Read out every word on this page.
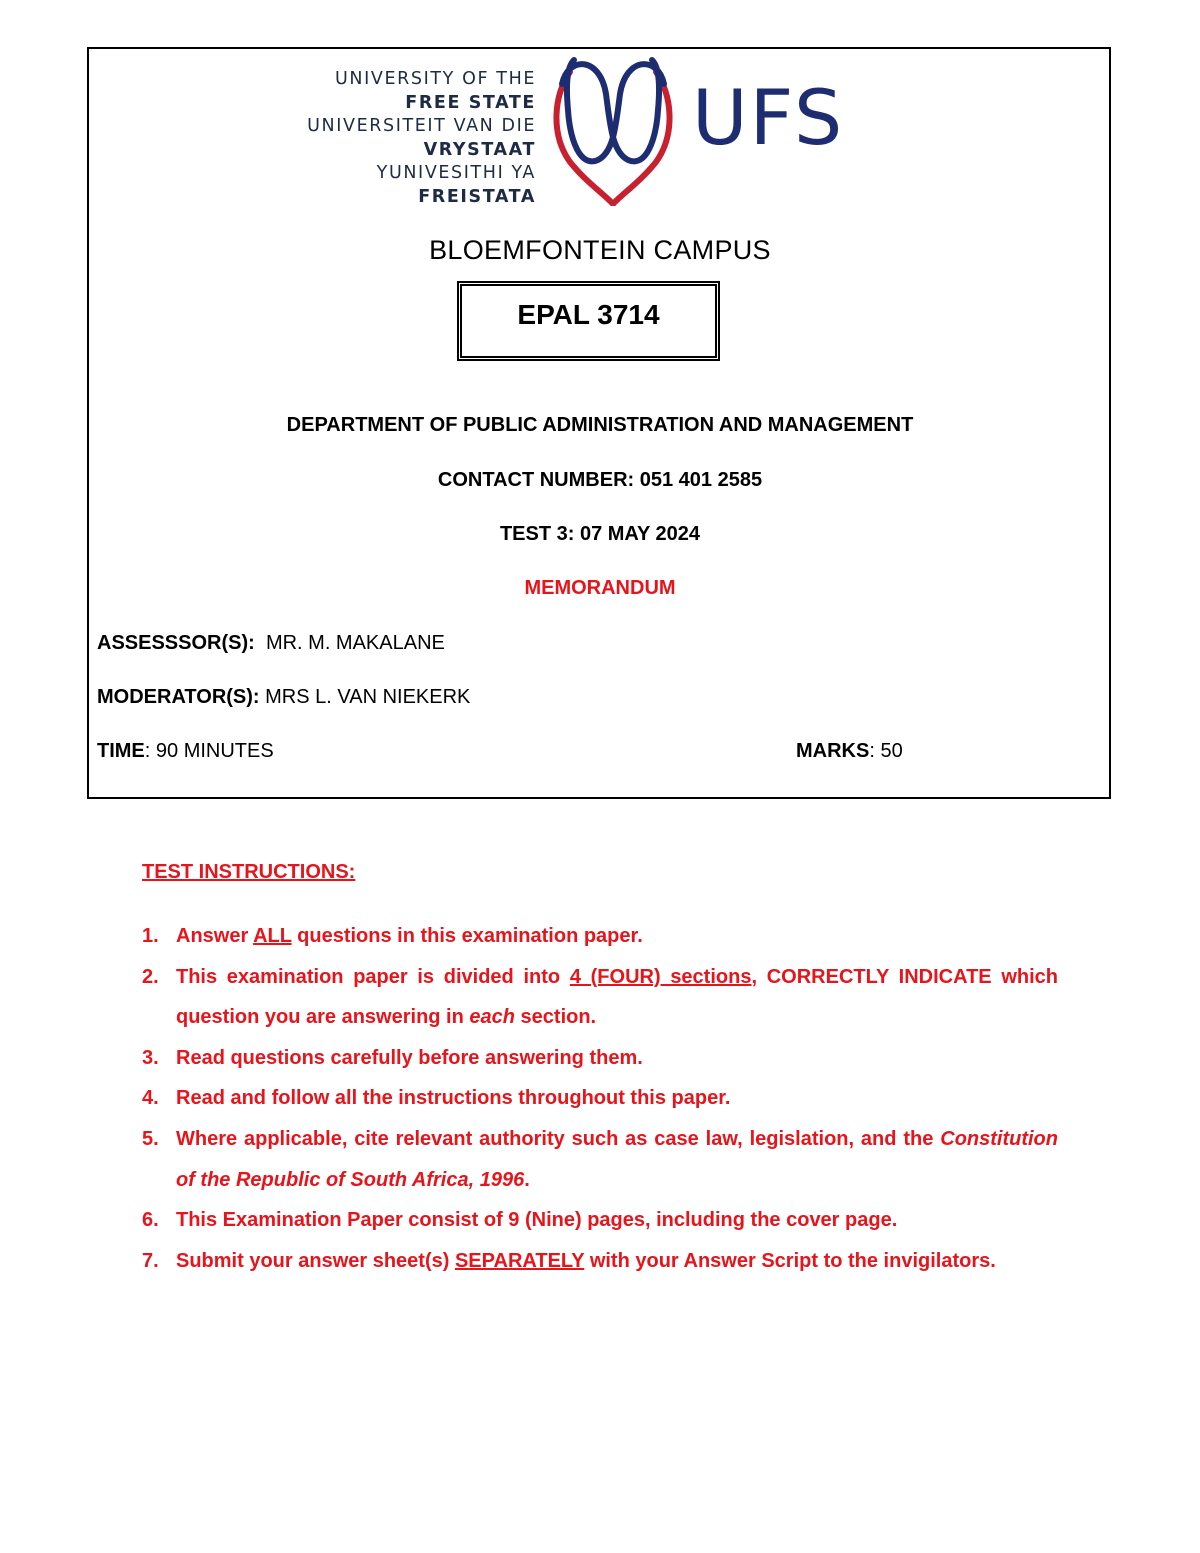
UNIVERSITY OF THE
FREE STATE
UNIVERSITEIT VAN DIE
VRYSTAAT
YUNIVESITHI YA
FREISTATA
UFS
BLOEMFONTEIN CAMPUS
EPAL 3714
DEPARTMENT OF PUBLIC ADMINISTRATION AND MANAGEMENT
CONTACT NUMBER: 051 401 2585
TEST 3: 07 MAY 2024
MEMORANDUM
ASSESSSOR(S): MR. M. MAKALANE
MODERATOR(S): MRS L. VAN NIEKERK
TIME: 90 MINUTES	MARKS: 50
TEST INSTRUCTIONS:
1. Answer ALL questions in this examination paper.
2. This examination paper is divided into 4 (FOUR) sections, CORRECTLY INDICATE which question you are answering in each section.
3. Read questions carefully before answering them.
4. Read and follow all the instructions throughout this paper.
5. Where applicable, cite relevant authority such as case law, legislation, and the Constitution of the Republic of South Africa, 1996.
6. This Examination Paper consist of 9 (Nine) pages, including the cover page.
7. Submit your answer sheet(s) SEPARATELY with your Answer Script to the invigilators.
